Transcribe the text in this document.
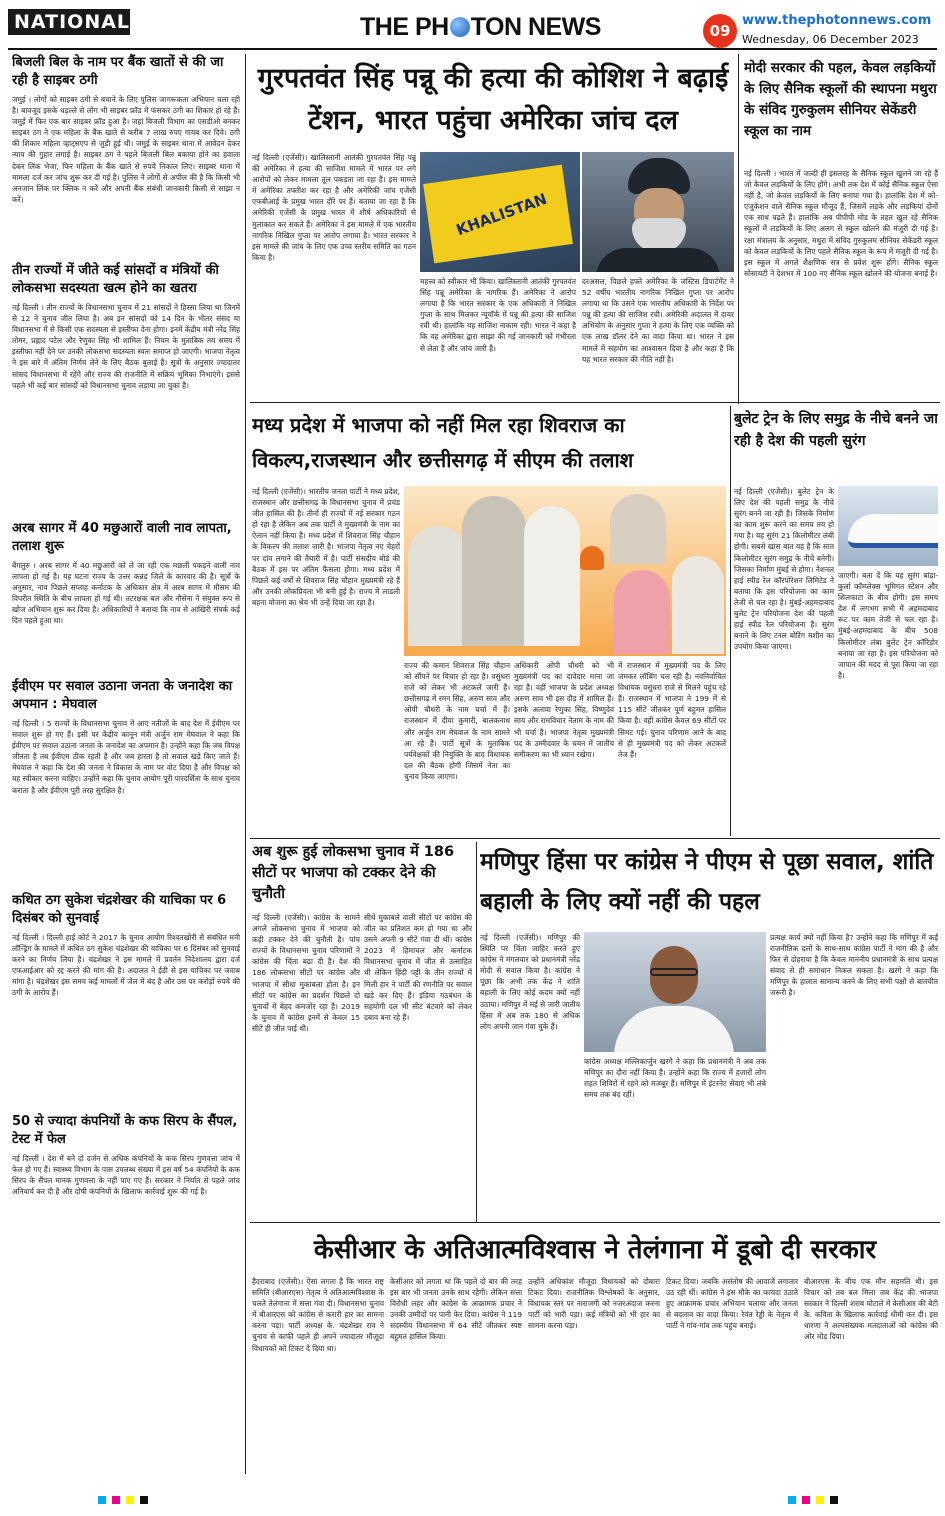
NATIONAL	THE PH TON NEWS	09
www.thephotonnews.com
Wednesday, 06 December 2023
बिजली बिल के नाम पर बैंक खातों से की जा रही है साइबर ठगी
जमुई । लोगों को साइबर ठगी से बचाने के लिए पुलिस जागरूकता अभियान चला रही है। बावजूद इसके धड़ल्ले से लोग भी साइबर फ्रॉड में फंसकर ठगी का शिकार हो रहे हैं। जमुई में फिर एक बार साइबर फ्रॉड हुआ है। जहां बिजली विभाग का एसडीओ बनकर साइबर ठग ने एक महिला के बैंक खाते से करीब 7 लाख रुपए गायब कर दिये। ठगी की शिकार महिला व्हाट्सएप से जुड़ी हुई थी। जमुई के साइबर थाना में आवेदन देकर न्याय की गुहार लगाई है। साइबर ठग ने पहले बिजली बिल बकाया होने का हवाला देकर लिंक भेजा, फिर महिला के बैंक खाते से रुपये निकाल लिए। साइबर थाना में मामला दर्ज कर जांच शुरू कर दी गई है। पुलिस ने लोगों से अपील की है कि किसी भी अनजान लिंक पर क्लिक न करें और अपनी बैंक संबंधी जानकारी किसी से साझा न करें।
तीन राज्यों में जीते कई सांसदों व मंत्रियों की लोकसभा सदस्यता खत्म होने का खतरा
नई दिल्ली । तीन राज्यों के विधानसभा चुनाव में 21 सांसदों ने हिस्सा लिया था जिनमें से 12 ने चुनाव जीत लिया है। अब इन सांसदों को 14 दिन के भीतर संसद या विधानसभा में से किसी एक सदस्यता से इस्तीफा देना होगा। इनमें केंद्रीय मंत्री नरेंद्र सिंह तोमर, प्रह्लाद पटेल और रेणुका सिंह भी शामिल हैं। नियम के मुताबिक तय समय में इस्तीफा नहीं देने पर उनकी लोकसभा सदस्यता स्वतः समाप्त हो जाएगी। भाजपा नेतृत्व ने इस बारे में अंतिम निर्णय लेने के लिए बैठक बुलाई है। सूत्रों के अनुसार ज्यादातर सांसद विधानसभा में रहेंगे और राज्य की राजनीति में सक्रिय भूमिका निभाएंगे। इससे पहले भी कई बार सांसदों को विधानसभा चुनाव लड़ाया जा चुका है।
अरब सागर में 40 मछुआरों वाली नाव लापता, तलाश शुरू
बेंगलुरु । अरब सागर में 40 मछुआरों को ले जा रही एक मछली पकड़ने वाली नाव लापता हो गई है। यह घटना राज्य के उत्तर कन्नड़ जिले के कारवार की है। सूत्रों के अनुसार, नाव पिछले सप्ताह कर्नाटक के अधिकार क्षेत्र में अरब सागर में मौसम की विपरीत स्थिति के बीच लापता हो गई थी। तटरक्षक बल और नौसेना ने संयुक्त रूप से खोज अभियान शुरू कर दिया है। अधिकारियों ने बताया कि नाव से आखिरी संपर्क कई दिन पहले हुआ था।
ईवीएम पर सवाल उठाना जनता के जनादेश का अपमान : मेघवाल
नई दिल्ली । 5 राज्यों के विधानसभा चुनाव में आए नतीजों के बाद देश में ईवीएम पर सवाल शुरू हो गए हैं। इसी पर केंद्रीय कानून मंत्री अर्जुन राम मेघवाल ने कहा कि ईवीएम पर सवाल उठाना जनता के जनादेश का अपमान है। उन्होंने कहा कि जब विपक्ष जीतता है तब ईवीएम ठीक रहती है और जब हारता है तो सवाल खड़े किए जाते हैं। मेघवाल ने कहा कि देश की जनता ने विकास के नाम पर वोट दिया है और विपक्ष को यह स्वीकार करना चाहिए। उन्होंने कहा कि चुनाव आयोग पूरी पारदर्शिता के साथ चुनाव कराता है और ईवीएम पूरी तरह सुरक्षित है।
कथित ठग सुकेश चंद्रशेखर की याचिका पर 6 दिसंबर को सुनवाई
नई दिल्ली । दिल्ली हाई कोर्ट ने 2017 के चुनाव आयोग रिश्वतखोरी से संबंधित मनी लॉन्ड्रिंग के मामले में कथित ठग सुकेश चंद्रशेखर की याचिका पर 6 दिसंबर को सुनवाई करने का निर्णय लिया है। चंद्रशेखर ने इस मामले में प्रवर्तन निदेशालय द्वारा दर्ज एफआईआर को रद्द करने की मांग की है। अदालत ने ईडी से इस याचिका पर जवाब मांगा है। चंद्रशेखर इस समय कई मामलों में जेल में बंद है और उस पर करोड़ों रुपये की ठगी के आरोप हैं।
50 से ज्यादा कंपनियों के कफ सिरप के सैंपल, टेस्ट में फेल
नई दिल्ली । देश में बने दो दर्जन से अधिक कंपनियों के कफ सिरप गुणवत्ता जांच में फेल हो गए हैं। स्वास्थ्य विभाग के पास उपलब्ध संख्या में इस वर्ष 54 कंपनियों के कफ सिरप के सैंपल मानक गुणवत्ता के नहीं पाए गए हैं। सरकार ने निर्यात से पहले जांच अनिवार्य कर दी है और दोषी कंपनियों के खिलाफ कार्रवाई शुरू की गई है।
गुरपतवंत सिंह पन्नू की हत्या की कोशिश ने बढ़ाई टेंशन, भारत पहुंचा अमेरिका जांच दल
नई दिल्ली (एजेंसी)। खालिस्तानी आतंकी गुरपतवंत सिंह पन्नू की अमेरिका में हत्या की साजिश मामले में भारत पर लगे आरोपों को लेकर मामला तूल पकड़ता जा रहा है। इस मामले में अमेरिका तफ्तीश कर रहा है और अमेरिकी जांच एजेंसी एफबीआई के प्रमुख भारत दौरे पर हैं। बताया जा रहा है कि अमेरिकी एजेंसी के प्रमुख भारत में शीर्ष अधिकारियों से मुलाकात कर सकते हैं। अमेरिका ने इस मामले में एक भारतीय नागरिक निखिल गुप्ता पर आरोप लगाया है। भारत सरकार ने इस मामले की जांच के लिए एक उच्च स्तरीय समिति का गठन किया है।
KHALISTAN
महत्त्व को स्वीकार भी किया। खालिस्तानी आतंकी गुरपतवंत सिंह पन्नू अमेरिका के नागरिक हैं। अमेरिका ने आरोप लगाया है कि भारत सरकार के एक अधिकारी ने निखिल गुप्ता के साथ मिलकर न्यूयॉर्क में पन्नू की हत्या की साजिश रची थी। हालांकि यह साजिश नाकाम रही। भारत ने कहा है कि वह अमेरिका द्वारा साझा की गई जानकारी को गंभीरता से लेता है और जांच जारी है।
दरअसल, पिछले हफ्ते अमेरिका के जस्टिस डिपार्टमेंट ने 52 वर्षीय भारतीय नागरिक निखिल गुप्ता पर आरोप लगाया था कि उसने एक भारतीय अधिकारी के निर्देश पर पन्नू की हत्या की साजिश रची। अमेरिकी अदालत में दायर अभियोग के अनुसार गुप्ता ने हत्या के लिए एक व्यक्ति को एक लाख डॉलर देने का वादा किया था। भारत ने इस मामले में सहयोग का आश्वासन दिया है और कहा है कि यह भारत सरकार की नीति नहीं है।
मोदी सरकार की पहल, केवल लड़कियों के लिए सैनिक स्कूलों की स्थापना मथुरा के संविद गुरुकुलम सीनियर सेकेंडरी स्कूल का नाम
नई दिल्ली । भारत में जल्दी ही इसतरह के सैनिक स्कूल खुलने जा रहे हैं जो केवल लड़कियों के लिए होंगे। अभी तक देश में कोई सैनिक स्कूल ऐसा नहीं है, जो केवल लड़कियों के लिए बनाया गया है। हालांकि देश में को-एजुकेशन वाले सैनिक स्कूल मौजूद हैं, जिसमें लड़के और लड़कियां दोनों एक साथ पढ़ते हैं। हालांकि अब पीपीपी मोड के तहत खुल रहे सैनिक स्कूलों में लड़कियों के लिए अलग से स्कूल खोलने की मंजूरी दी गई है। रक्षा मंत्रालय के अनुसार, मथुरा में संविद गुरुकुलम सीनियर सेकेंडरी स्कूल को केवल लड़कियों के लिए पहले सैनिक स्कूल के रूप में मंजूरी दी गई है। इस स्कूल में अगले शैक्षणिक सत्र से प्रवेश शुरू होंगे। सैनिक स्कूल सोसायटी ने देशभर में 100 नए सैनिक स्कूल खोलने की योजना बनाई है।
मध्य प्रदेश में भाजपा को नहीं मिल रहा शिवराज का विकल्प,राजस्थान और छत्तीसगढ़ में सीएम की तलाश
नई दिल्ली (एजेंसी)। भारतीय जनता पार्टी ने मध्य प्रदेश, राजस्थान और छत्तीसगढ़ के विधानसभा चुनाव में प्रचंड जीत हासिल की है। तीनों ही राज्यों में नई सरकार गठन हो रहा है लेकिन अब तक पार्टी ने मुख्यमंत्री के नाम का ऐलान नहीं किया है। मध्य प्रदेश में शिवराज सिंह चौहान के विकल्प की तलाश जारी है। भाजपा नेतृत्व नए चेहरों पर दांव लगाने की तैयारी में है। पार्टी संसदीय बोर्ड की बैठक में इस पर अंतिम फैसला होगा। मध्य प्रदेश में पिछले कई वर्षों से शिवराज सिंह चौहान मुख्यमंत्री रहे हैं और उनकी लोकप्रियता भी बनी हुई है। राज्य में लाडली बहना योजना का श्रेय भी उन्हें दिया जा रहा है।
राज्य की कमान शिवराज सिंह चौहान को सौंपने पर विचार हो रहा है। वसुंधरा राजे को लेकर भी अटकलें जारी हैं। छत्तीसगढ़ में रमन सिंह, अरुण साव और ओपी चौधरी के नाम चर्चा में हैं। राजस्थान में दीया कुमारी, बालकनाथ और अर्जुन राम मेघवाल के नाम सामने आ रहे हैं। पार्टी सूत्रों के मुताबिक पर्यवेक्षकों की नियुक्ति के बाद विधायक दल की बैठक होगी जिसमें नेता का चुनाव किया जाएगा।
अधिकारी ओपी चौधरी को भी मुख्यमंत्री पद का दावेदार माना जा रहा है। वहीं भाजपा के प्रदेश अध्यक्ष अरुण साव भी इस दौड़ में शामिल हैं। इसके अलावा रेणुका सिंह, विष्णुदेव साय और रामविचार नेताम के नाम की भी चर्चा है। भाजपा नेतृत्व मुख्यमंत्री पद के उम्मीदवार के चयन में जातीय समीकरण का भी ध्यान रखेगा।
में राजस्थान में मुख्यमंत्री पद के लिए जमकर लॉबिंग चल रही है। नवनिर्वाचित विधायक वसुंधरा राजे से मिलने पहुंच रहे हैं। राजस्थान में भाजपा ने 199 में से 115 सीटें जीतकर पूर्ण बहुमत हासिल किया है। वहीं कांग्रेस केवल 69 सीटों पर सिमट गई। चुनाव परिणाम आने के बाद से ही मुख्यमंत्री पद को लेकर अटकलें तेज हैं।
बुलेट ट्रेन के लिए समुद्र के नीचे बनने जा रही है देश की पहली सुरंग
नई दिल्ली (एजेंसी)। बुलेट ट्रेन के लिए देश की पहली समुद्र के नीचे सुरंग बनने जा रही है। जिसके निर्माण का काम शुरू करने का समय तय हो गया है। यह सुरंग 21 किलोमीटर लंबी होगी। सबसे खास बात यह है कि सात किलोमीटर सुरंग समुद्र के नीचे बनेगी। जिसका निर्माण मुंबई से होगा। नेशनल हाई स्पीड रेल कॉरपोरेशन लिमिटेड ने बताया कि इस परियोजना का काम तेजी से चल रहा है। मुंबई-अहमदाबाद बुलेट ट्रेन परियोजना देश की पहली हाई स्पीड रेल परियोजना है। सुरंग बनाने के लिए टनल बोरिंग मशीन का उपयोग किया जाएगा।
जाएगी। बता दें कि यह सुरंग बांद्रा-कुर्ला कॉम्प्लेक्स भूमिगत स्टेशन और शिलफाटा के बीच होगी। इस समय देश में लगभग सभी में अहमदाबाद रूट पर काम तेजी से चल रहा है। मुंबई-अहमदाबाद के बीच 508 किलोमीटर लंबा बुलेट ट्रेन कॉरिडोर बनाया जा रहा है। इस परियोजना को जापान की मदद से पूरा किया जा रहा है।
अब शुरू हुई लोकसभा चुनाव में 186 सीटों पर भाजपा को टक्कर देने की चुनौती
नई दिल्ली (एजेंसी)। कांग्रेस के सामने अगले लोकसभा चुनाव में भाजपा को कड़ी टक्कर देने की चुनौती है। पांच राज्यों के विधानसभा चुनाव परिणामों ने कांग्रेस की चिंता बढ़ा दी है। देश की 186 लोकसभा सीटों पर कांग्रेस और भाजपा में सीधा मुकाबला होता है। इन सीटों पर कांग्रेस का प्रदर्शन पिछले दो चुनावों में बेहद कमजोर रहा है। 2019 के चुनाव में कांग्रेस इनमें से केवल 15 सीटें ही जीत पाई थी।
सीधे मुकाबले वाली सीटों पर कांग्रेस की जीत का प्रतिशत कम हो गया था और उसने अपनी 9 सीटें गंवा दी थीं। कांग्रेस 2023 में हिमाचल और कर्नाटक विधानसभा चुनाव में जीत से उत्साहित थी लेकिन हिंदी पट्टी के तीन राज्यों में मिली हार ने पार्टी की रणनीति पर सवाल खड़े कर दिए हैं। इंडिया गठबंधन के सहयोगी दल भी सीट बंटवारे को लेकर दबाव बना रहे हैं।
मणिपुर हिंसा पर कांग्रेस ने पीएम से पूछा सवाल, शांति बहाली के लिए क्यों नहीं की पहल
नई दिल्ली (एजेंसी)। मणिपुर की स्थिति पर चिंता जाहिर करते हुए कांग्रेस ने मंगलवार को प्रधानमंत्री नरेंद्र मोदी से सवाल किया है। कांग्रेस ने पूछा कि अभी तक केंद्र ने शांति बहाली के लिए कोई कदम क्यों नहीं उठाया। मणिपुर में मई से जारी जातीय हिंसा में अब तक 180 से अधिक लोग अपनी जान गंवा चुके हैं।
कांग्रेस अध्यक्ष मल्लिकार्जुन खरगे ने कहा कि प्रधानमंत्री ने अब तक मणिपुर का दौरा नहीं किया है। उन्होंने कहा कि राज्य में हजारों लोग राहत शिविरों में रहने को मजबूर हैं। मणिपुर में इंटरनेट सेवाएं भी लंबे समय तक बंद रहीं।
प्रत्यक्ष कार्य क्यों नहीं किया है? उन्होंने कहा कि मणिपुर में कई राजनीतिक दलों के साथ-साथ कांग्रेस पार्टी ने मांग की है और फिर से दोहराया है कि केवल माननीय प्रधानमंत्री के साथ प्रत्यक्ष संवाद से ही समाधान निकल सकता है। खरगे ने कहा कि मणिपुर के हालात सामान्य करने के लिए सभी पक्षों से बातचीत जरूरी है।
केसीआर के अतिआत्मविश्वास ने तेलंगाना में डूबो दी सरकार
हैदराबाद (एजेंसी)। ऐसा लगता है कि भारत राष्ट्र समिति (बीआरएस) नेतृत्व ने अतिआत्मविश्वास के चलते तेलंगाना में सत्ता गंवा दी। विधानसभा चुनाव में बीआरएस को कांग्रेस से करारी हार का सामना करना पड़ा। पार्टी अध्यक्ष के. चंद्रशेखर राव ने चुनाव से काफी पहले ही अपने ज्यादातर मौजूदा विधायकों को टिकट दे दिया था।
केसीआर को लगता था कि पहले दो बार की तरह इस बार भी जनता उनके साथ रहेगी। लेकिन सत्ता विरोधी लहर और कांग्रेस के आक्रामक प्रचार ने उनकी उम्मीदों पर पानी फेर दिया। कांग्रेस ने 119 सदस्यीय विधानसभा में 64 सीटें जीतकर स्पष्ट बहुमत हासिल किया।
उन्होंने अधिकांश मौजूदा विधायकों को दोबारा टिकट दिया। राजनीतिक विश्लेषकों के अनुसार, विधायक स्तर पर नाराजगी को नजरअंदाज करना पार्टी को भारी पड़ा। कई मंत्रियों को भी हार का सामना करना पड़ा।
टिकट दिया। जबकि असंतोष की आवाजें लगातार उठ रही थीं। कांग्रेस ने इस मौके का फायदा उठाते हुए आक्रामक प्रचार अभियान चलाया और जनता से बदलाव का वादा किया। रेवंत रेड्डी के नेतृत्व में पार्टी ने गांव-गांव तक पहुंच बनाई।
बीआरएस के बीच एक मौन सहमति थी। इस विचार को तब बल मिला जब केंद्र की भाजपा सरकार ने दिल्ली शराब घोटाले में केसीआर की बेटी के. कविता के खिलाफ कार्रवाई धीमी कर दी। इस धारणा ने अल्पसंख्यक मतदाताओं को कांग्रेस की ओर मोड़ दिया।
